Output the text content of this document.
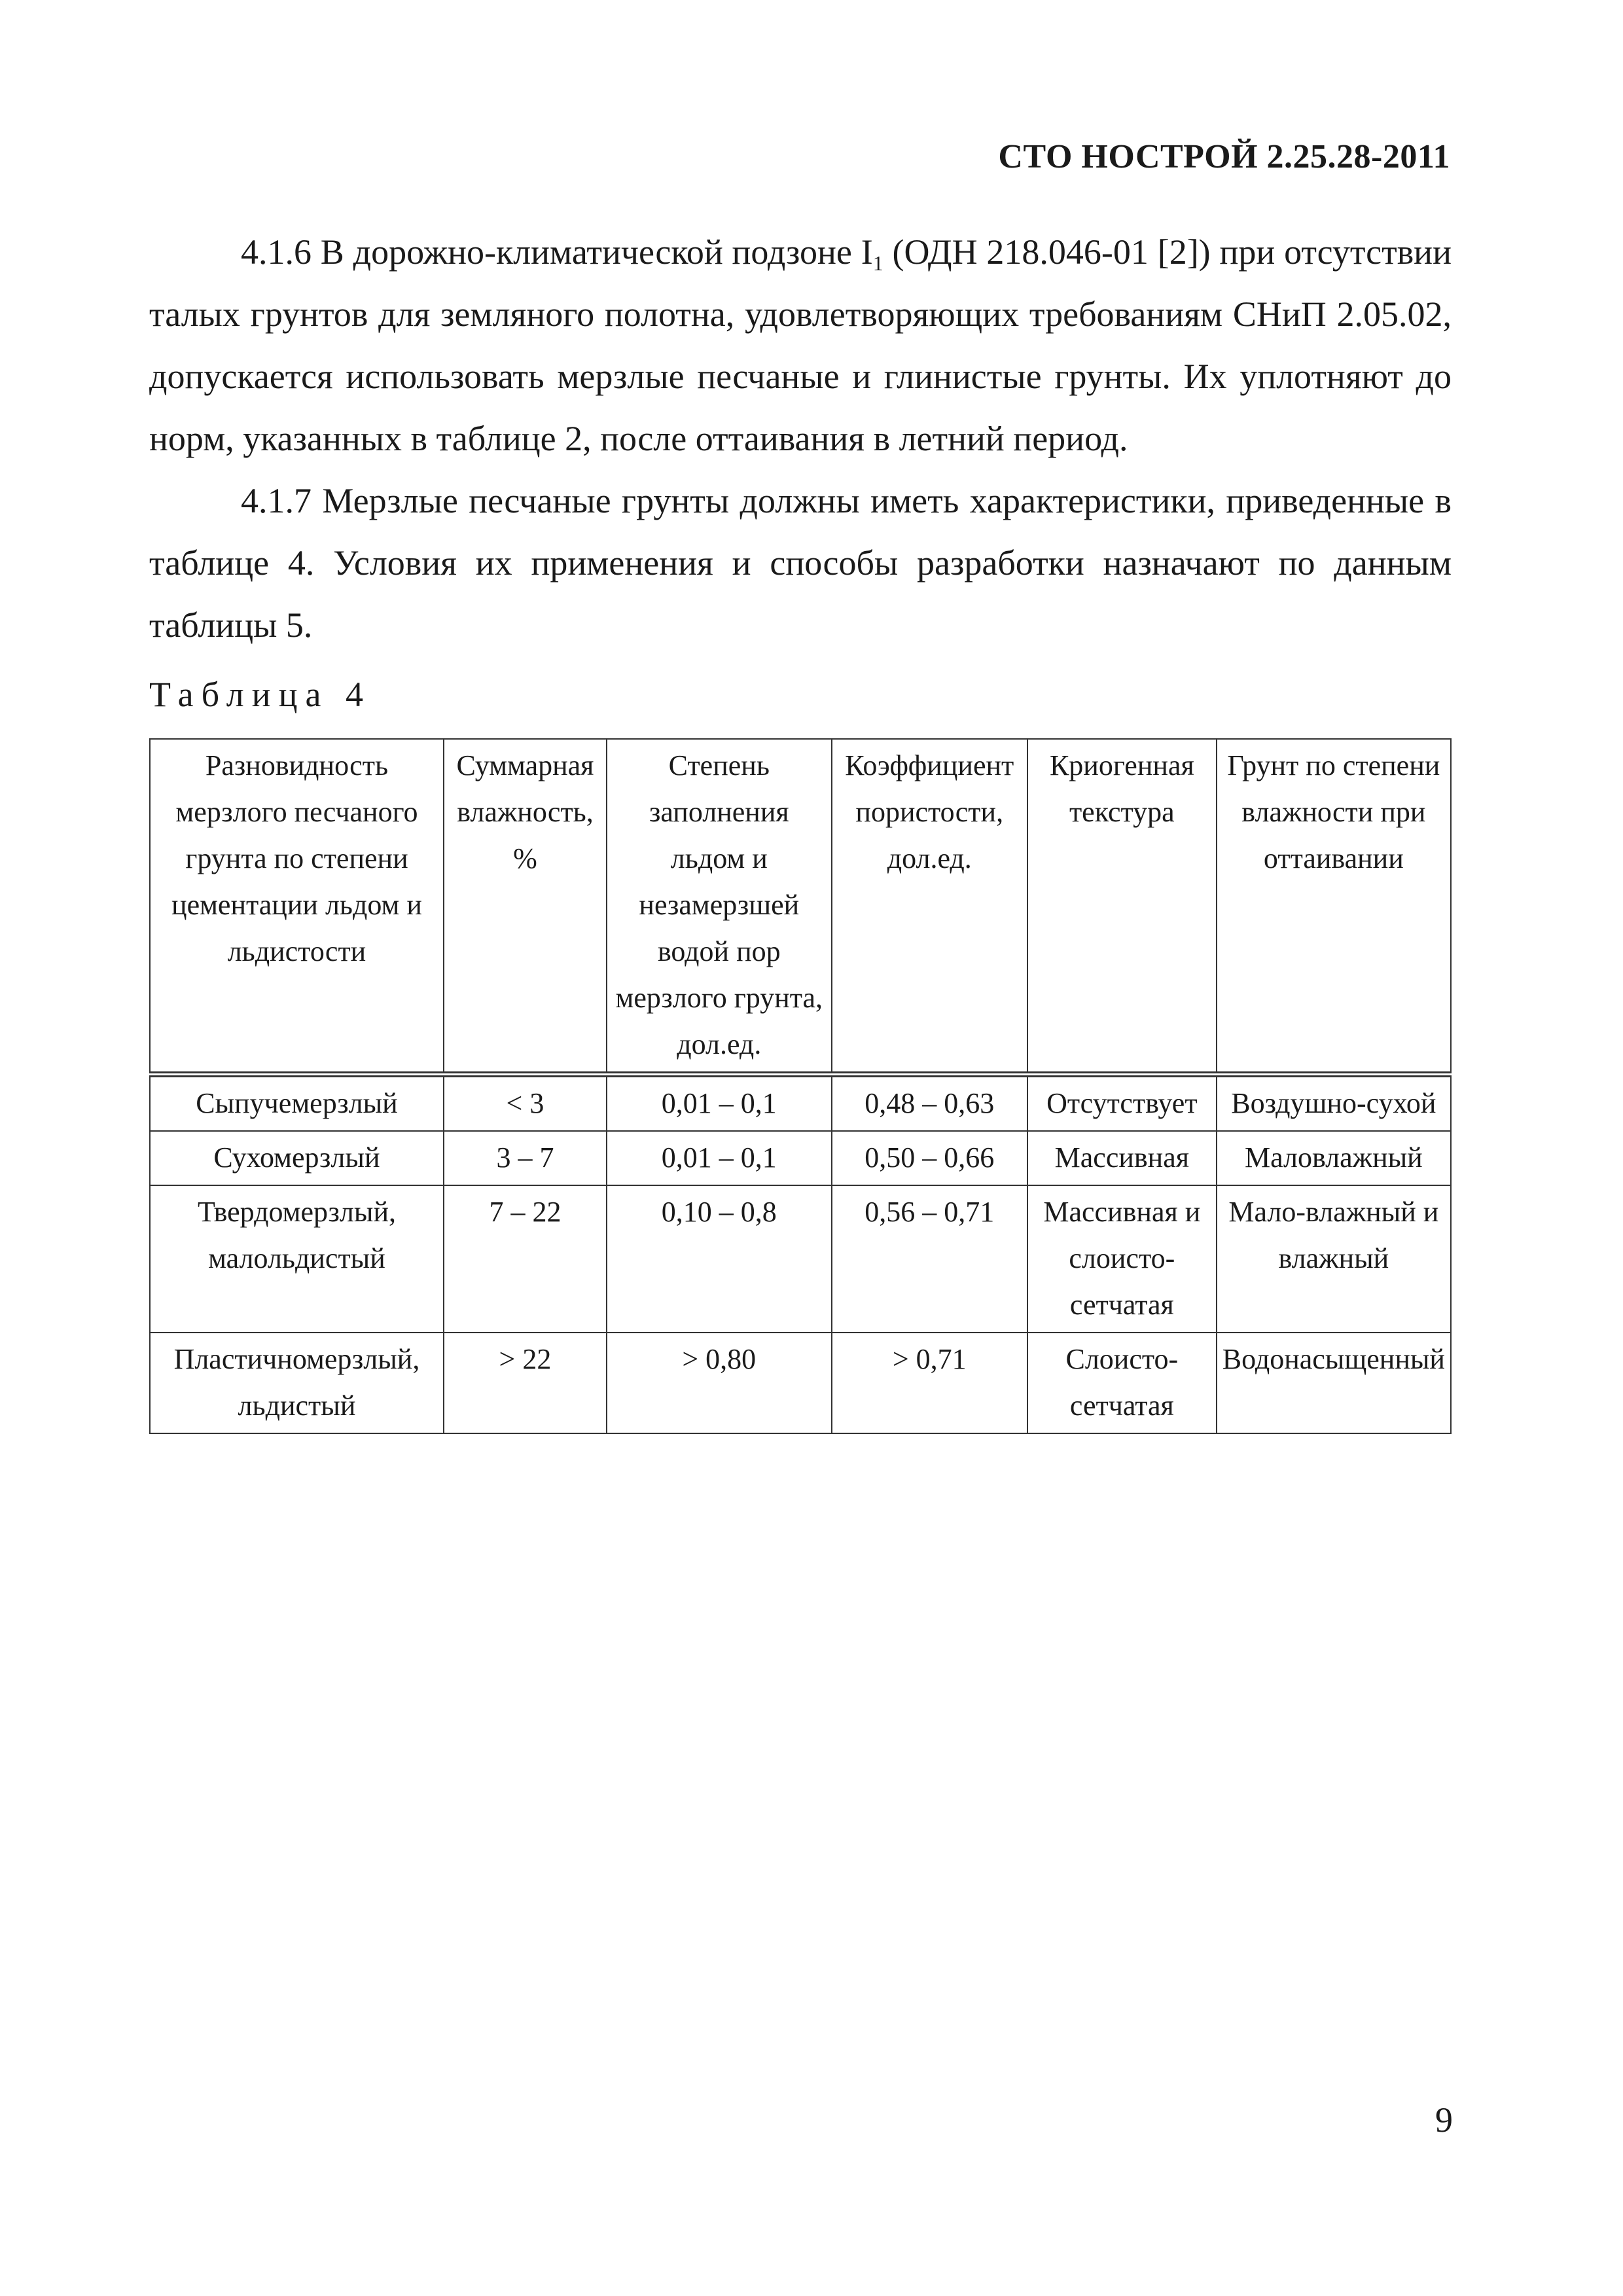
СТО НОСТРОЙ 2.25.28-2011

4.1.6 В дорожно-климатической подзоне $I_1$ (ОДН 218.046-01 [2]) при отсутствии талых грунтов для земляного полотна, удовлетворяющих требованиям СНиП 2.05.02, допускается использовать мерзлые песчаные и глинистые грунты. Их уплотняют до норм, указанных в таблице 2, после оттаивания в летний период.

4.1.7 Мерзлые песчаные грунты должны иметь характеристики, приведенные в таблице 4. Условия их применения и способы разработки назначают по данным таблицы 5.

Таблица 4
Разновидность мерзлого песчаного грунта по степени цементации льдом и льдистости	Суммарная влажность, %	Степень заполнения льдом и незамерзшей водой пор мерзлого грунта, дол.ед.	Коэффициент пористости, дол.ед.	Криогенная текстура	Грунт по степени влажности при оттаивании
Сыпучемерзлый	< 3	0,01 – 0,1	0,48 – 0,63	Отсутствует	Воздушно-сухой
Сухомерзлый	3 – 7	0,01 – 0,1	0,50 – 0,66	Массивная	Маловлажный
Твердомерзлый, малольдистый	7 – 22	0,10 – 0,8	0,56 – 0,71	Массивная и слоисто-сетчатая	Мало-влажный и влажный
Пластичномерзлый, льдистый	> 22	> 0,80	> 0,71	Слоисто-сетчатая	Водонасыщенный
9
